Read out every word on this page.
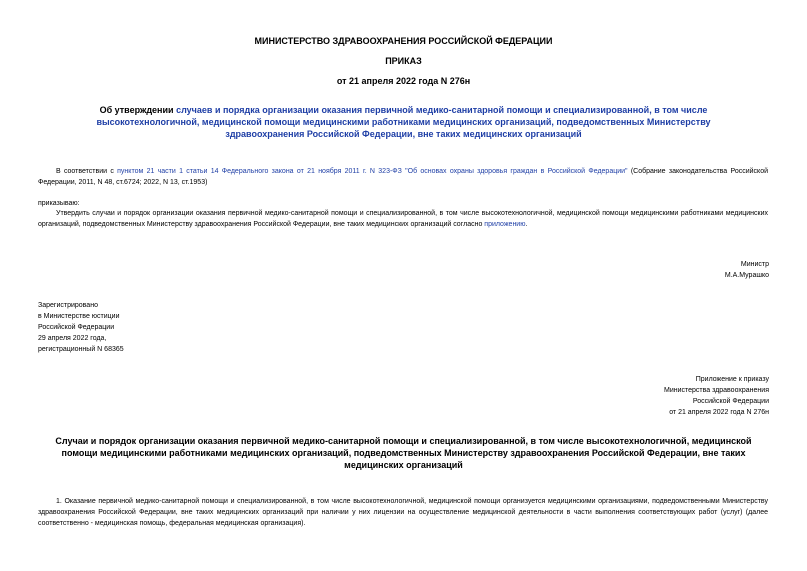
МИНИСТЕРСТВО ЗДРАВООХРАНЕНИЯ РОССИЙСКОЙ ФЕДЕРАЦИИ
ПРИКАЗ
от 21 апреля 2022 года N 276н
Об утверждении случаев и порядка организации оказания первичной медико-санитарной помощи и специализированной, в том числе высокотехнологичной, медицинской помощи медицинскими работниками медицинских организаций, подведомственных Министерству здравоохранения Российской Федерации, вне таких медицинских организаций
В соответствии с пунктом 21 части 1 статьи 14 Федерального закона от 21 ноября 2011 г. N 323-ФЗ "Об основах охраны здоровья граждан в Российской Федерации" (Собрание законодательства Российской Федерации, 2011, N 48, ст.6724; 2022, N 13, ст.1953)
приказываю:
Утвердить случаи и порядок организации оказания первичной медико-санитарной помощи и специализированной, в том числе высокотехнологичной, медицинской помощи медицинскими работниками медицинских организаций, подведомственных Министерству здравоохранения Российской Федерации, вне таких медицинских организаций согласно приложению.
Министр
М.А.Мурашко
Зарегистрировано
в Министерстве юстиции
Российской Федерации
29 апреля 2022 года,
регистрационный N 68365
Приложение к приказу
Министерства здравоохранения
Российской Федерации
от 21 апреля 2022 года N 276н
Случаи и порядок организации оказания первичной медико-санитарной помощи и специализированной, в том числе высокотехнологичной, медицинской помощи медицинскими работниками медицинских организаций, подведомственных Министерству здравоохранения Российской Федерации, вне таких медицинских организаций
1. Оказание первичной медико-санитарной помощи и специализированной, в том числе высокотехнологичной, медицинской помощи организуется медицинскими организациями, подведомственными Министерству здравоохранения Российской Федерации, вне таких медицинских организаций при наличии у них лицензии на осуществление медицинской деятельности в части выполнения соответствующих работ (услуг) (далее соответственно - медицинская помощь, федеральная медицинская организация).
